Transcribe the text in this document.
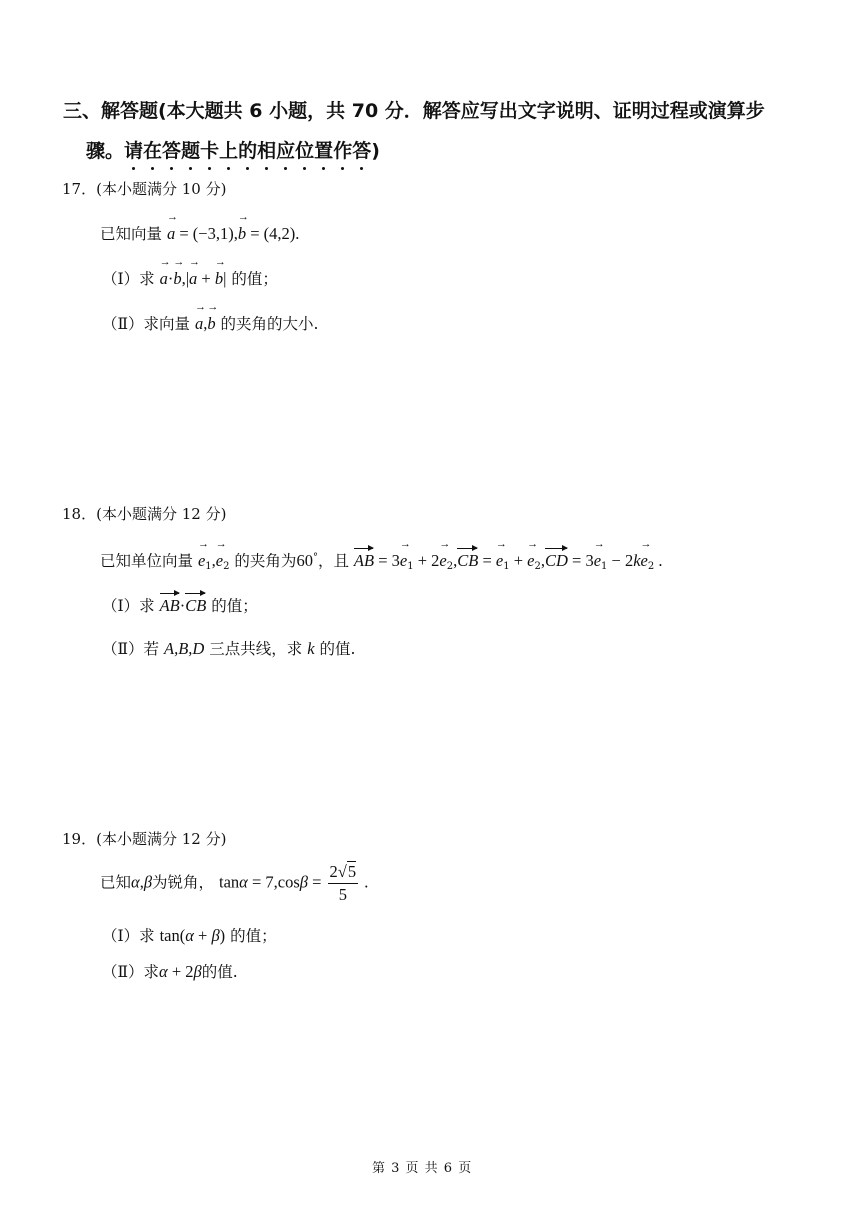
三、解答题(本大题共 6 小题，共 70 分．解答应写出文字说明、证明过程或演算步
骤。请在答题卡上的相应位置作答)
17．(本小题满分 10 分)
已知向量 → a = (−3,1),→ b = (4,2).
（Ⅰ）求 → a·→ b,|→ a + → b| 的值；
（Ⅱ）求向量 → a,→ b 的夹角的大小.
18．(本小题满分 12 分)
已知单位向量 → $e_1,\to e_2$ 的夹角为60°，且 AB = $3\to e_1 + 2\to e_2,CB$ = → $e_1$ + → $e_2,CD = 3\to e_1 - 2k\to e_2$ .
（Ⅰ）求 AB·CB 的值；
（Ⅱ）若 A,B,D 三点共线，求 k 的值.
19．(本小题满分 12 分)
已知α,β为锐角， $\tan\alpha = 7,\cos\beta = \frac{2√5}{5}$ .
（Ⅰ）求 tan(α + β) 的值；
（Ⅱ）求α + 2β的值.
第 3 页 共 6 页
